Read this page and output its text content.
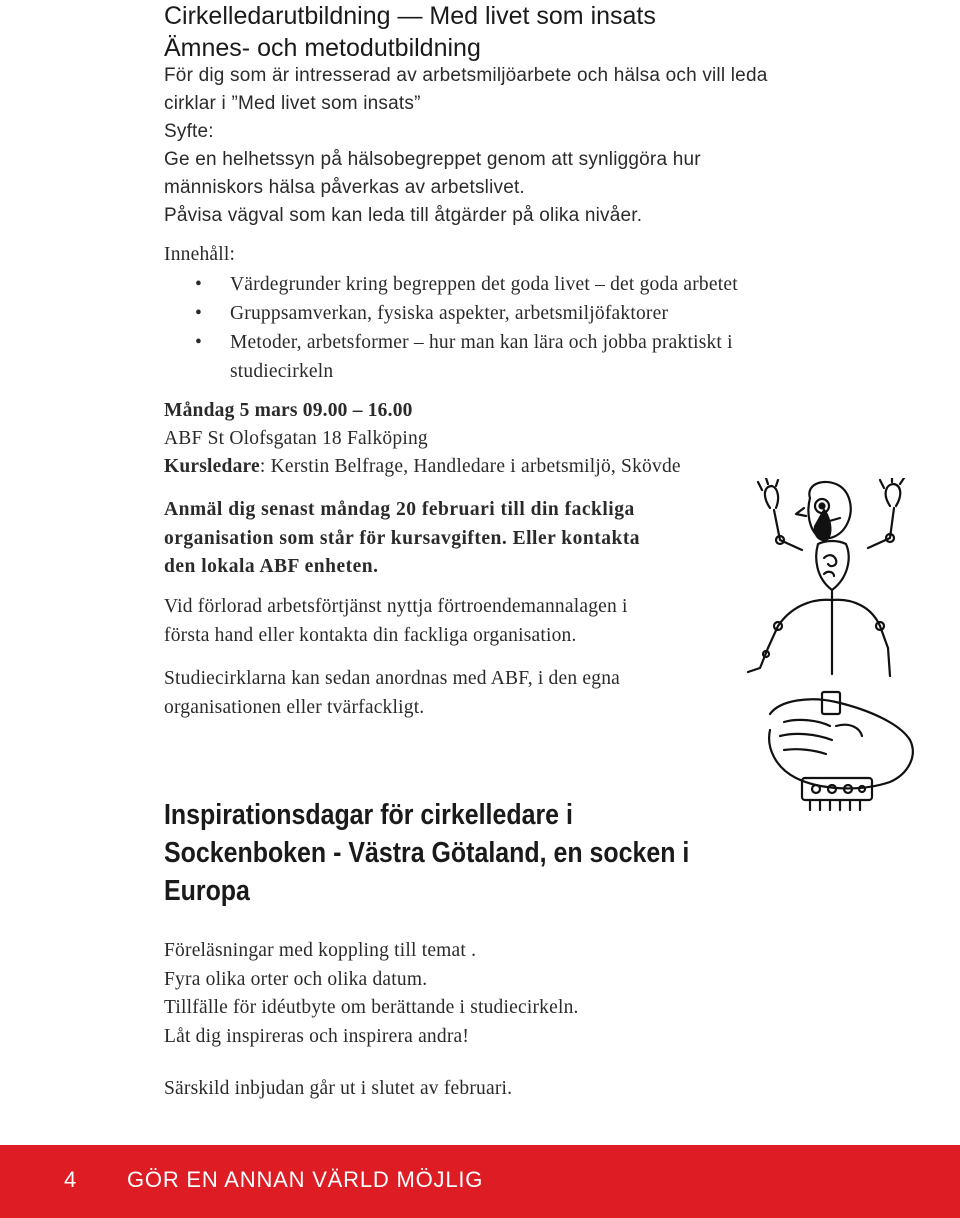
Cirkelledarutbildning — Med livet som insats
Ämnes- och metodutbildning
För dig som är intresserad av arbetsmiljöarbete och hälsa och vill leda
cirklar i ”Med livet som insats”
Syfte:
Ge en helhetssyn på hälsobegreppet genom att synliggöra hur
människors hälsa påverkas av arbetslivet.
Påvisa vägval som kan leda till åtgärder på olika nivåer.
Innehåll:
• Värdegrunder kring begreppen det goda livet – det goda arbetet
• Gruppsamverkan, fysiska aspekter, arbetsmiljöfaktorer
• Metoder, arbetsformer – hur man kan lära och jobba praktiskt i studiecirkeln
Måndag 5 mars 09.00 – 16.00
ABF St Olofsgatan 18 Falköping
Kursledare: Kerstin Belfrage, Handledare i arbetsmiljö, Skövde
Anmäl dig senast måndag 20 februari till din fackliga
organisation som står för kursavgiften. Eller kontakta
den lokala ABF enheten.
Vid förlorad arbetsförtjänst nyttja förtroendemannalagen i
första hand eller kontakta din fackliga organisation.
Studiecirklarna kan sedan anordnas med ABF, i den egna
organisationen eller tvärfackligt.
Inspirationsdagar för cirkelledare i
Sockenboken - Västra Götaland, en socken i
Europa
Föreläsningar med koppling till temat .
Fyra olika orter och olika datum.
Tillfälle för idéutbyte om berättande i studiecirkeln.
Låt dig inspireras och inspirera andra!
Särskild inbjudan går ut i slutet av februari.
4 GÖR EN ANNAN VÄRLD MÖJLIG
